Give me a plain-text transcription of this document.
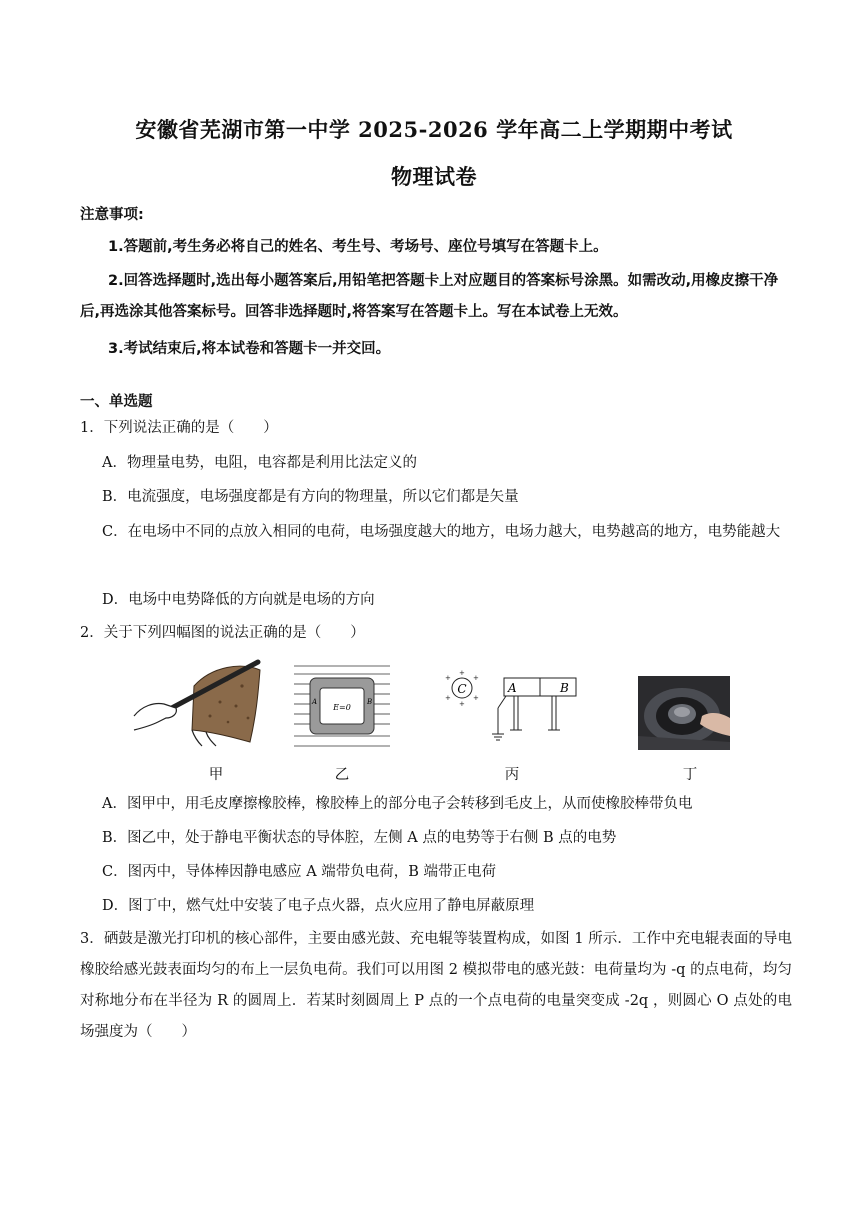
安徽省芜湖市第一中学 2025-2026 学年高二上学期期中考试
物理试卷
注意事项:
1.答题前,考生务必将自己的姓名、考生号、考场号、座位号填写在答题卡上。
2.回答选择题时,选出每小题答案后,用铅笔把答题卡上对应题目的答案标号涂黑。如需改动,用橡皮擦干净后,再选涂其他答案标号。回答非选择题时,将答案写在答题卡上。写在本试卷上无效。
3.考试结束后,将本试卷和答题卡一并交回。
一、单选题
1．下列说法正确的是（　　）
A．物理量电势，电阻，电容都是利用比法定义的
B．电流强度，电场强度都是有方向的物理量，所以它们都是矢量
C．在电场中不同的点放入相同的电荷，电场强度越大的地方，电场力越大，电势越高的地方，电势能越大
D．电场中电势降低的方向就是电场的方向
2．关于下列四幅图的说法正确的是（　　）
E=0
A	B
C
+
+
+
+	+
+
A	B
甲	乙	丙	丁
A．图甲中，用毛皮摩擦橡胶棒，橡胶棒上的部分电子会转移到毛皮上，从而使橡胶棒带负电
B．图乙中，处于静电平衡状态的导体腔，左侧 A 点的电势等于右侧 B 点的电势
C．图丙中，导体棒因静电感应 A 端带负电荷，B 端带正电荷
D．图丁中，燃气灶中安装了电子点火器，点火应用了静电屏蔽原理
3．硒鼓是激光打印机的核心部件，主要由感光鼓、充电辊等装置构成，如图 1 所示．工作中充电辊表面的导电橡胶给感光鼓表面均匀的布上一层负电荷。我们可以用图 2 模拟带电的感光鼓：电荷量均为 -q 的点电荷，均匀对称地分布在半径为 R 的圆周上．若某时刻圆周上 P 点的一个点电荷的电量突变成 -2q ，则圆心 O 点处的电场强度为（　　）
